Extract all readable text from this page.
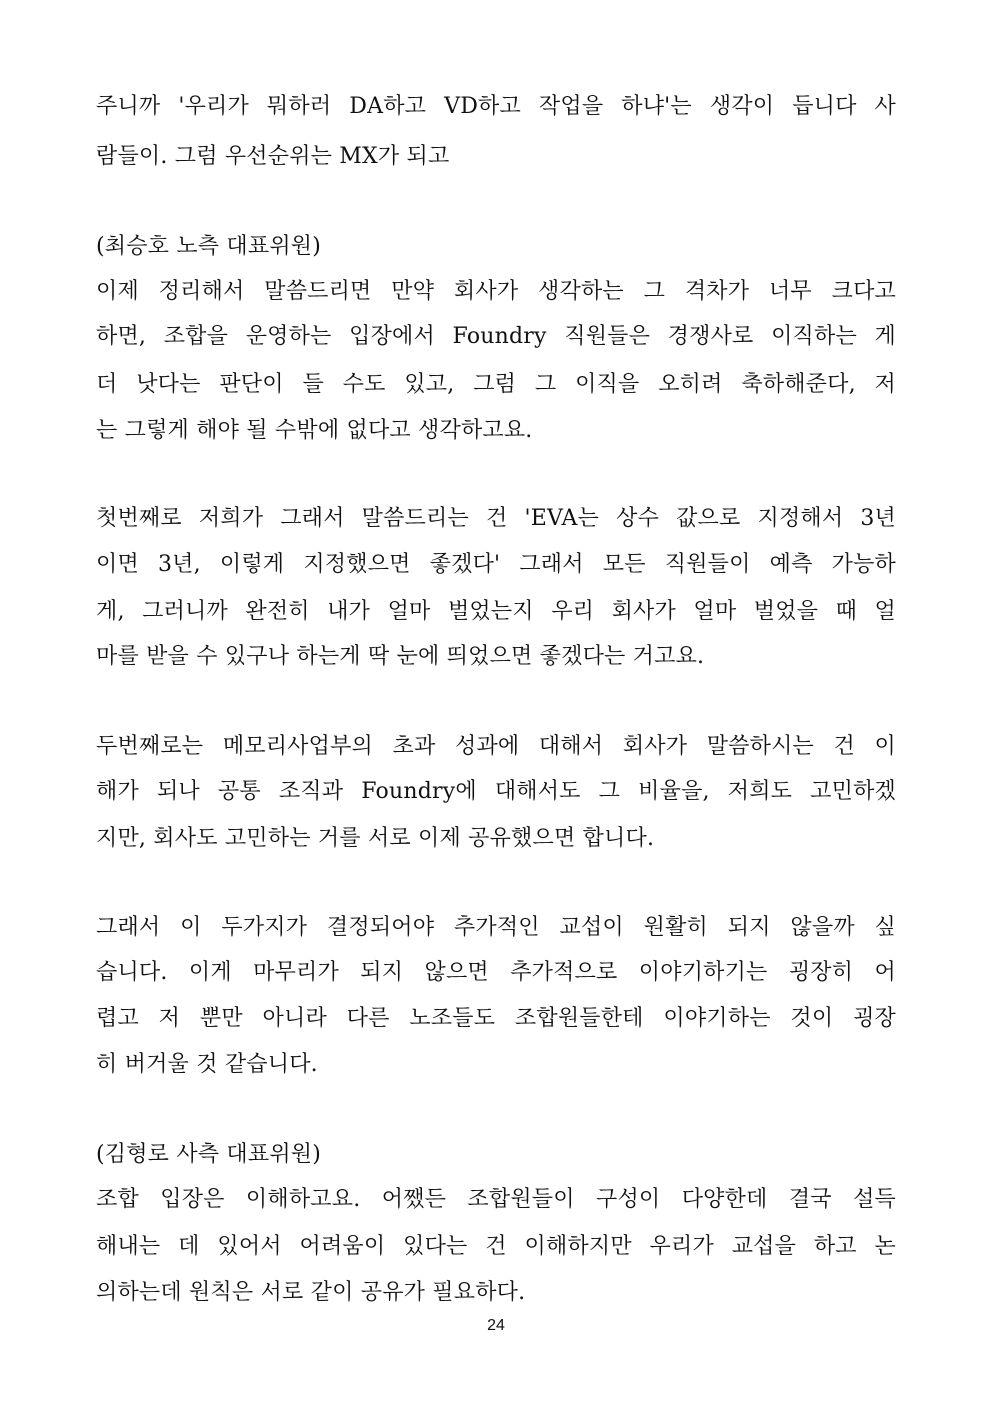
주니까 '우리가 뭐하러 DA하고 VD하고 작업을 하냐'는 생각이 듭니다 사
람들이. 그럼 우선순위는 MX가 되고
(최승호 노측 대표위원)
이제 정리해서 말씀드리면 만약 회사가 생각하는 그 격차가 너무 크다고
하면, 조합을 운영하는 입장에서 Foundry 직원들은 경쟁사로 이직하는 게
더 낫다는 판단이 들 수도 있고, 그럼 그 이직을 오히려 축하해준다, 저
는 그렇게 해야 될 수밖에 없다고 생각하고요.
첫번째로 저희가 그래서 말씀드리는 건 'EVA는 상수 값으로 지정해서 3년
이면 3년, 이렇게 지정했으면 좋겠다' 그래서 모든 직원들이 예측 가능하
게, 그러니까 완전히 내가 얼마 벌었는지 우리 회사가 얼마 벌었을 때 얼
마를 받을 수 있구나 하는게 딱 눈에 띄었으면 좋겠다는 거고요.
두번째로는 메모리사업부의 초과 성과에 대해서 회사가 말씀하시는 건 이
해가 되나 공통 조직과 Foundry에 대해서도 그 비율을, 저희도 고민하겠
지만, 회사도 고민하는 거를 서로 이제 공유했으면 합니다.
그래서 이 두가지가 결정되어야 추가적인 교섭이 원활히 되지 않을까 싶
습니다. 이게 마무리가 되지 않으면 추가적으로 이야기하기는 굉장히 어
렵고 저 뿐만 아니라 다른 노조들도 조합원들한테 이야기하는 것이 굉장
히 버거울 것 같습니다.
(김형로 사측 대표위원)
조합 입장은 이해하고요. 어쨌든 조합원들이 구성이 다양한데 결국 설득
해내는 데 있어서 어려움이 있다는 건 이해하지만 우리가 교섭을 하고 논
의하는데 원칙은 서로 같이 공유가 필요하다.
24
